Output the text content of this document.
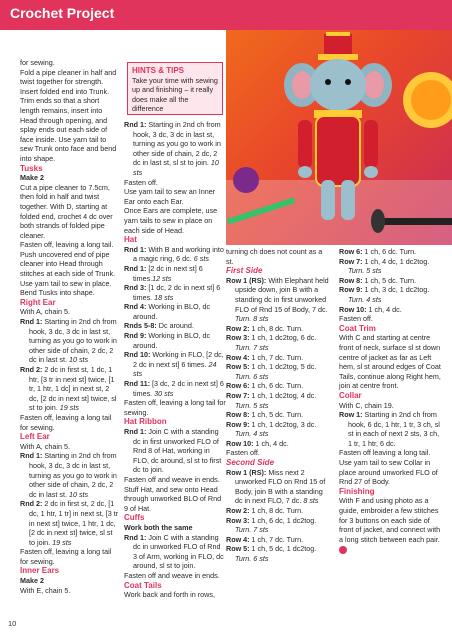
Crochet Project

for sewing.
Fold a pipe cleaner in half and twist together for strength. Insert folded end into Trunk. Trim ends so that a short length remains, insert into Head through opening, and splay ends out each side of face inside. Use yarn tail to sew Trunk onto face and bend into shape.

Tusks

Make 2

Cut a pipe cleaner to 7.5cm, then fold in half and twist together. With D, starting at folded end, crochet 4 dc over both strands of folded pipe cleaner.
Fasten off, leaving a long tail. Push uncovered end of pipe cleaner into Head through stitches at each side of Trunk. Use yarn tail to sew in place. Bend Tusks into shape.

Right Ear

With A, chain 5.

Rnd 1: Starting in 2nd ch from hook, 3 dc, 3 dc in last st, turning as you go to work in other side of chain, 2 dc, 2 dc in last st. 10 sts

Rnd 2: 2 dc in first st, 1 dc, 1 htr, [3 tr in next st] twice, [1 tr, 1 htr, 1 dc] in next st, 2 dc, [2 dc in next st] twice, sl st to join. 19 sts

Fasten off, leaving a long tail for sewing.

Left Ear

With A, chain 5.

Rnd 1: Starting in 2nd ch from hook, 3 dc, 3 dc in last st, turning as you go to work in other side of chain, 2 dc, 2 dc in last st. 10 sts

Rnd 2: 2 dc in first st, 2 dc, [1 dc, 1 htr, 1 tr] in next st, [3 tr in next st] twice, 1 htr, 1 dc, [2 dc in next st] twice, sl st to join. 19 sts

Fasten off, leaving a long tail for sewing.

Inner Ears

Make 2

With E, chain 5.

HINTS & TIPS
Take your time with sewing up and finishing – it really does make all the difference

Rnd 1: Starting in 2nd ch from hook, 3 dc, 3 dc in last st, turning as you go to work in other side of chain, 2 dc, 2 dc in last st, sl st to join. 10 sts

Fasten off.
Use yarn tail to sew an Inner Ear onto each Ear.
Once Ears are complete, use yarn tails to sew in place on each side of Head.

Hat

Rnd 1: With B and working into a magic ring, 6 dc. 6 sts

Rnd 1: [2 dc in next st] 6 times.12 sts

Rnd 3: [1 dc, 2 dc in next st] 6 times. 18 sts

Rnd 4: Working in BLO, dc around.

Rnds 5-8: Dc around.

Rnd 9: Working in BLO, dc around.

Rnd 10: Working in FLO, [2 dc, 2 dc in next st] 6 times. 24 sts

Rnd 11: [3 dc, 2 dc in next st] 6 times. 30 sts

Fasten off, leaving a long tail for sewing.

Hat Ribbon

Rnd 1: Join C with a standing dc in first unworked FLO of Rnd 8 of Hat, working in FLO, dc around, sl st to first dc to join.

Fasten off and weave in ends. Stuff Hat, and sew onto Head through unworked BLO of Rnd 9 of Hat.

Cuffs

Work both the same

Rnd 1: Join C with a standing dc in unworked FLO of Rnd 3 of Arm, working in FLO, dc around, sl st to join.

Fasten off and weave in ends.

Coat Tails

Work back and forth in rows,

turning ch does not count as a st.

First Side

Row 1 (RS): With Elephant held upside down, join B with a standing dc in first unworked FLO of Rnd 15 of Body, 7 dc. Turn. 8 sts

Row 2: 1 ch, 8 dc. Turn.

Row 3: 1 ch, 1 dc2tog, 6 dc. Turn. 7 sts

Row 4: 1 ch, 7 dc. Turn.

Row 5: 1 ch, 1 dc2tog, 5 dc. Turn. 6 sts

Row 6: 1 ch, 6 dc. Turn.

Row 7: 1 ch, 1 dc2tog, 4 dc. Turn. 5 sts

Row 8: 1 ch, 5 dc. Turn.

Row 9: 1 ch, 1 dc2tog, 3 dc. Turn. 4 sts

Row 10: 1 ch, 4 dc.

Fasten off.

Second Side

Row 1 (RS): Miss next 2 unworked FLO on Rnd 15 of Body, join B with a standing dc in next FLO, 7 dc. 8 sts

Row 2: 1 ch, 8 dc. Turn.

Row 3: 1 ch, 6 dc, 1 dc2tog. Turn. 7 sts

Row 4: 1 ch, 7 dc. Turn.

Row 5: 1 ch, 5 dc, 1 dc2tog. Turn. 6 sts

Row 6: 1 ch, 6 dc. Turn.

Row 7: 1 ch, 4 dc, 1 dc2tog. Turn. 5 sts

Row 8: 1 ch, 5 dc. Turn.

Row 9: 1 ch, 3 dc, 1 dc2tog. Turn. 4 sts

Row 10: 1 ch, 4 dc.

Fasten off.

Coat Trim

With C and starting at centre front of neck, surface sl st down centre of jacket as far as Left hem, sl st around edges of Coat Tails, continue along Right hem, join at centre front.

Collar

With C, chain 19.

Row 1: Starting in 2nd ch from hook, 6 dc, 1 htr, 1 tr, 3 ch, sl st in each of next 2 sts, 3 ch, 1 tr, 1 htr, 6 dc.

Fasten off leaving a long tail. Use yarn tail to sew Collar in place around unworked FLO of Rnd 27 of Body.

Finishing

With F and using photo as a guide, embroider a few stitches for 3 buttons on each side of front of jacket, and connect with a long stitch between each pair.

10
